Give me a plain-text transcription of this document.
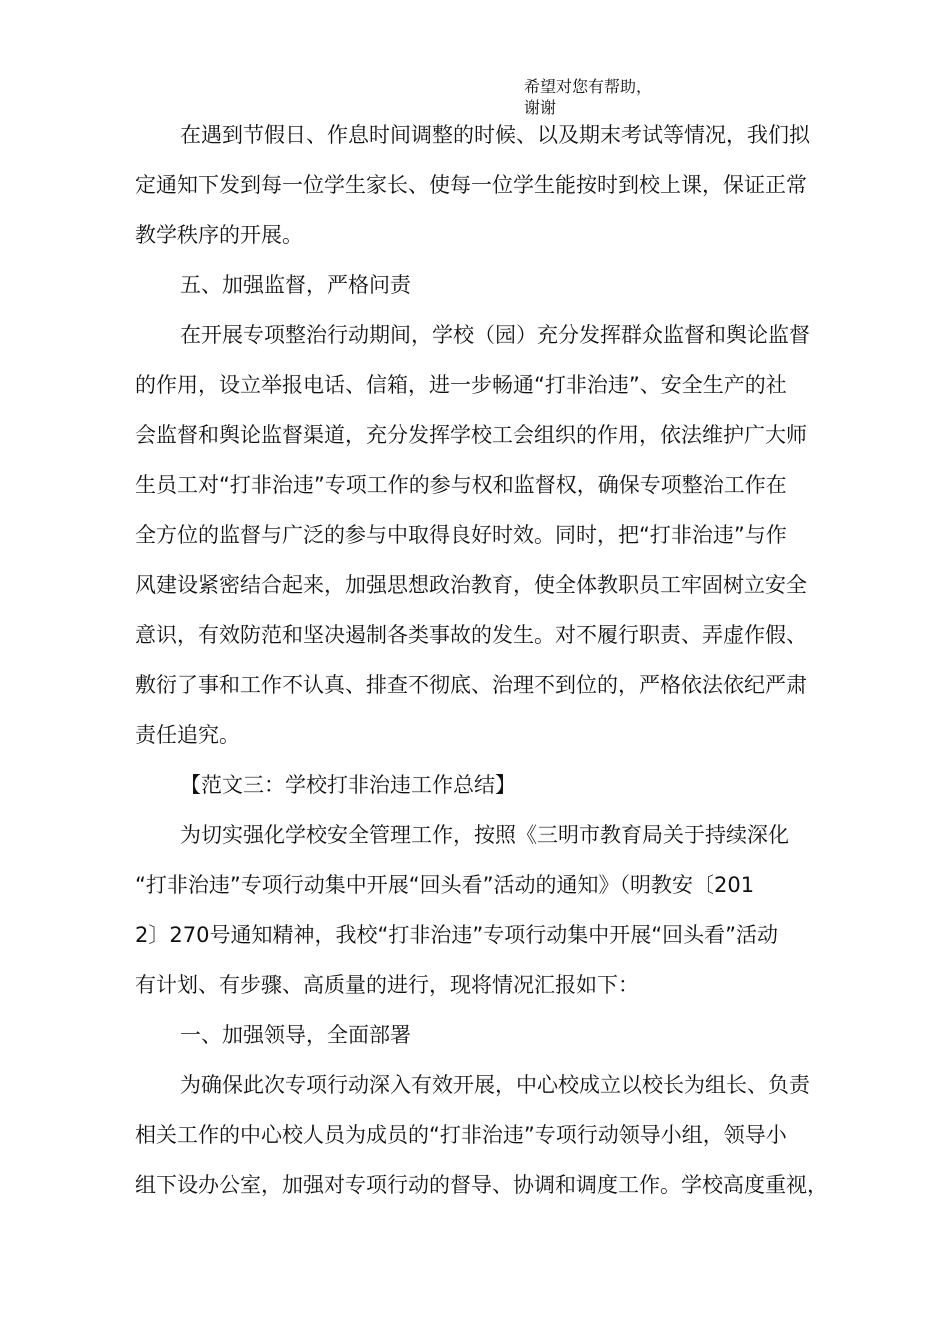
希望对您有帮助，
谢谢
在遇到节假日、作息时间调整的时候、以及期末考试等情况，我们拟
定通知下发到每一位学生家长、使每一位学生能按时到校上课，保证正常
教学秩序的开展。
五、加强监督，严格问责
在开展专项整治行动期间，学校（园）充分发挥群众监督和舆论监督
的作用，设立举报电话、信箱，进一步畅通“打非治违”、安全生产的社
会监督和舆论监督渠道，充分发挥学校工会组织的作用，依法维护广大师
生员工对“打非治违”专项工作的参与权和监督权，确保专项整治工作在
全方位的监督与广泛的参与中取得良好时效。同时，把“打非治违”与作
风建设紧密结合起来，加强思想政治教育，使全体教职员工牢固树立安全
意识，有效防范和坚决遏制各类事故的发生。对不履行职责、弄虚作假、
敷衍了事和工作不认真、排查不彻底、治理不到位的，严格依法依纪严肃
责任追究。
【范文三：学校打非治违工作总结】
为切实强化学校安全管理工作，按照《三明市教育局关于持续深化
“打非治违”专项行动集中开展“回头看”活动的通知》（明教安〔201
2〕270号通知精神，我校“打非治违”专项行动集中开展“回头看”活动
有计划、有步骤、高质量的进行，现将情况汇报如下：
一、加强领导，全面部署
为确保此次专项行动深入有效开展，中心校成立以校长为组长、负责
相关工作的中心校人员为成员的“打非治违”专项行动领导小组，领导小
组下设办公室，加强对专项行动的督导、协调和调度工作。学校高度重视，
